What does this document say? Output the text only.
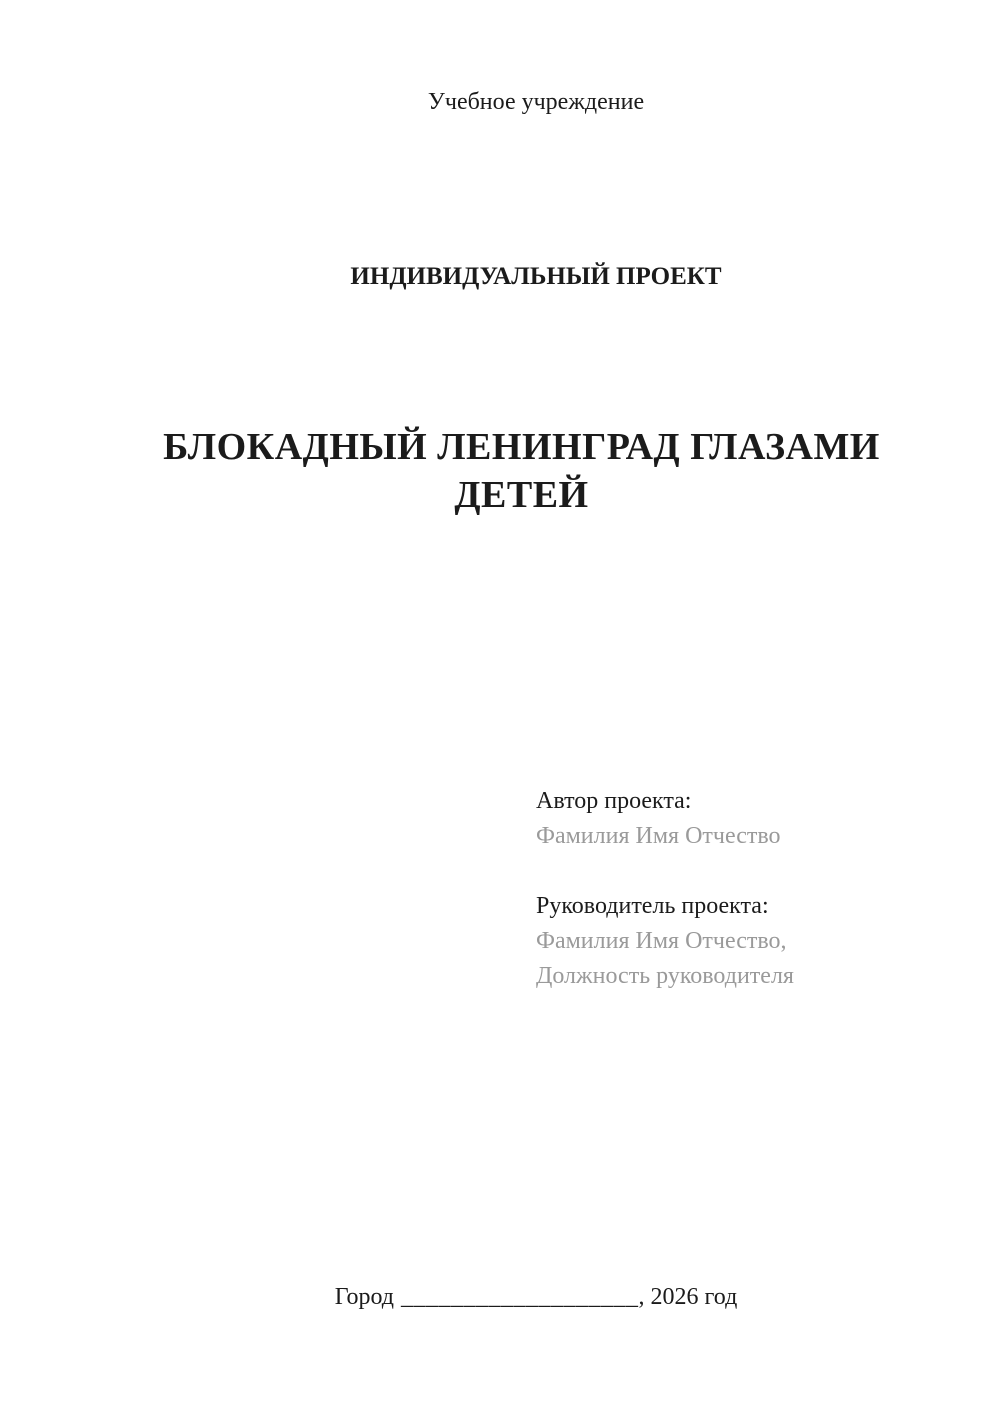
Учебное учреждение
ИНДИВИДУАЛЬНЫЙ ПРОЕКТ
БЛОКАДНЫЙ ЛЕНИНГРАД ГЛАЗАМИ ДЕТЕЙ
Автор проекта:
Фамилия Имя Отчество
Руководитель проекта:
Фамилия Имя Отчество,
Должность руководителя
Город ___________________, 2026 год
